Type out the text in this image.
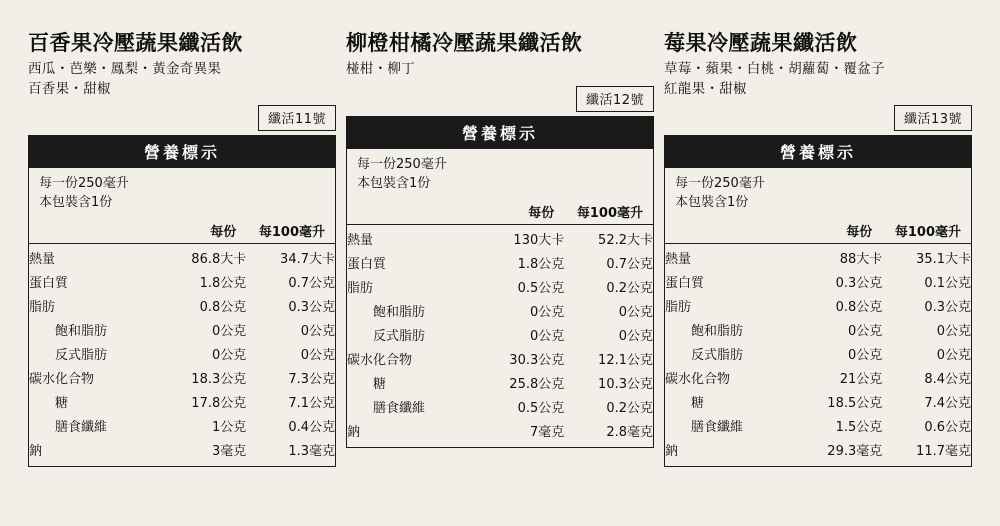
百香果冷壓蔬果纖活飲
西瓜・芭樂・鳳梨・黃金奇異果
百香果・甜椒
纖活11號
營養標示
每一份250毫升
本包裝含1份
	每份	每100毫升
熱量	86.8大卡	34.7大卡
蛋白質	1.8公克	0.7公克
脂肪	0.8公克	0.3公克
飽和脂肪	0公克	0公克
反式脂肪	0公克	0公克
碳水化合物	18.3公克	7.3公克
糖	17.8公克	7.1公克
膳食纖維	1公克	0.4公克
鈉	3毫克	1.3毫克
柳橙柑橘冷壓蔬果纖活飲
椪柑・柳丁
纖活12號
營養標示
每一份250毫升
本包裝含1份
	每份	每100毫升
熱量	130大卡	52.2大卡
蛋白質	1.8公克	0.7公克
脂肪	0.5公克	0.2公克
飽和脂肪	0公克	0公克
反式脂肪	0公克	0公克
碳水化合物	30.3公克	12.1公克
糖	25.8公克	10.3公克
膳食纖維	0.5公克	0.2公克
鈉	7毫克	2.8毫克
莓果冷壓蔬果纖活飲
草莓・蘋果・白桃・胡蘿蔔・覆盆子
紅龍果・甜椒
纖活13號
營養標示
每一份250毫升
本包裝含1份
	每份	每100毫升
熱量	88大卡	35.1大卡
蛋白質	0.3公克	0.1公克
脂肪	0.8公克	0.3公克
飽和脂肪	0公克	0公克
反式脂肪	0公克	0公克
碳水化合物	21公克	8.4公克
糖	18.5公克	7.4公克
膳食纖維	1.5公克	0.6公克
鈉	29.3毫克	11.7毫克
